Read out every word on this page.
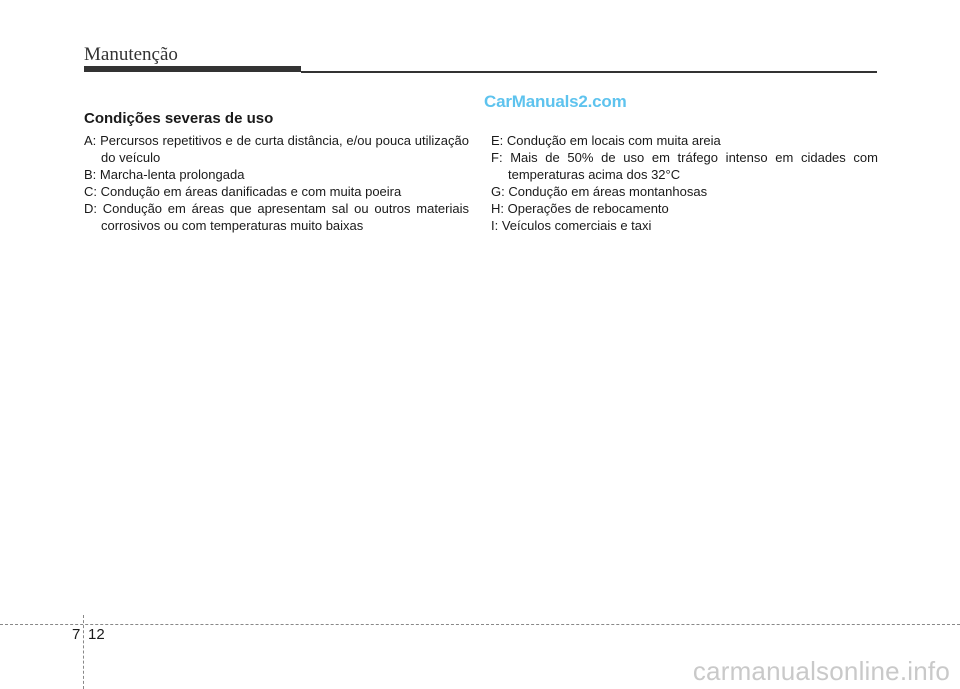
Manutenção
CarManuals2.com
Condições severas de uso
A: Percursos repetitivos e de curta distância, e/ou pouca utilização do veículo
B: Marcha-lenta prolongada
C: Condução em áreas danificadas e com muita poeira
D: Condução em áreas que apresentam sal ou outros materiais corrosivos ou com temperaturas muito baixas
E: Condução em locais com muita areia
F: Mais de 50% de uso em tráfego intenso em cidades com temperaturas acima dos 32°C
G: Condução em áreas montanhosas
H: Operações de rebocamento
I: Veículos comerciais e taxi
7 12
carmanualsonline.info
